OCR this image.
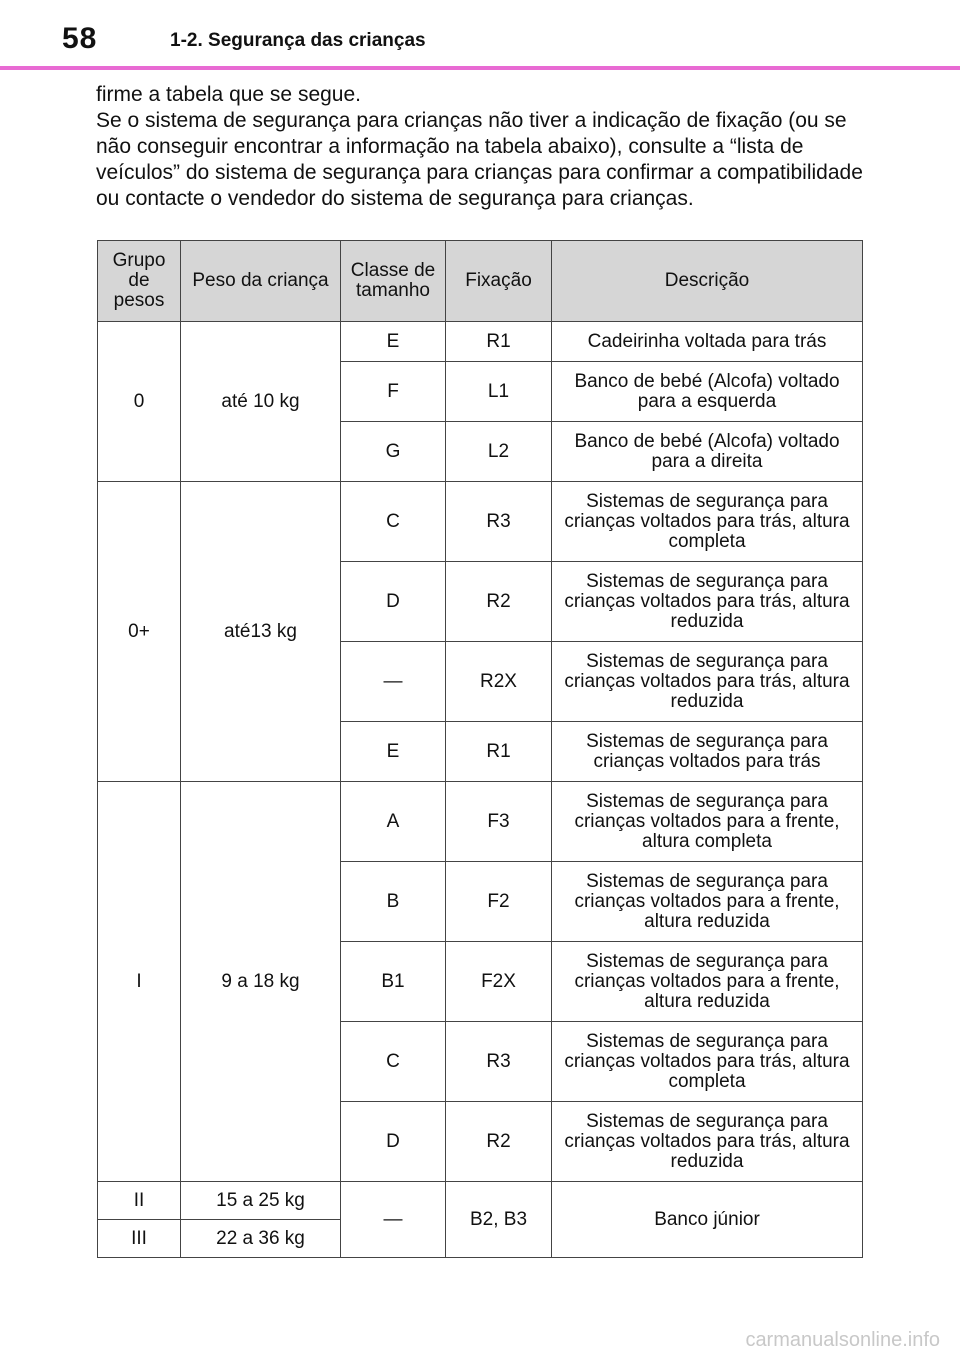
58	1-2. Segurança das crianças

firme a tabela que se segue.

Se o sistema de segurança para crianças não tiver a indicação de fixação (ou se não conseguir encontrar a informação na tabela abaixo), consulte a “lista de veículos” do sistema de segurança para crianças para confirmar a compatibilidade ou contacte o vendedor do sistema de segurança para crianças.

Grupo de pesos	Peso da criança	Classe de tamanho	Fixação	Descrição
0	até 10 kg	E	R1	Cadeirinha voltada para trás
		F	L1	Banco de bebé (Alcofa) voltado para a esquerda
		G	L2	Banco de bebé (Alcofa) voltado para a direita
0+	até13 kg	C	R3	Sistemas de segurança para crianças voltados para trás, altura completa
		D	R2	Sistemas de segurança para crianças voltados para trás, altura reduzida
		—	R2X	Sistemas de segurança para crianças voltados para trás, altura reduzida
		E	R1	Sistemas de segurança para crianças voltados para trás
I	9 a 18 kg	A	F3	Sistemas de segurança para crianças voltados para a frente, altura completa
		B	F2	Sistemas de segurança para crianças voltados para a frente, altura reduzida
		B1	F2X	Sistemas de segurança para crianças voltados para a frente, altura reduzida
		C	R3	Sistemas de segurança para crianças voltados para trás, altura completa
		D	R2	Sistemas de segurança para crianças voltados para trás, altura reduzida
II	15 a 25 kg	—	B2, B3	Banco júnior
III	22 a 36 kg			
carmanualsonline.info
